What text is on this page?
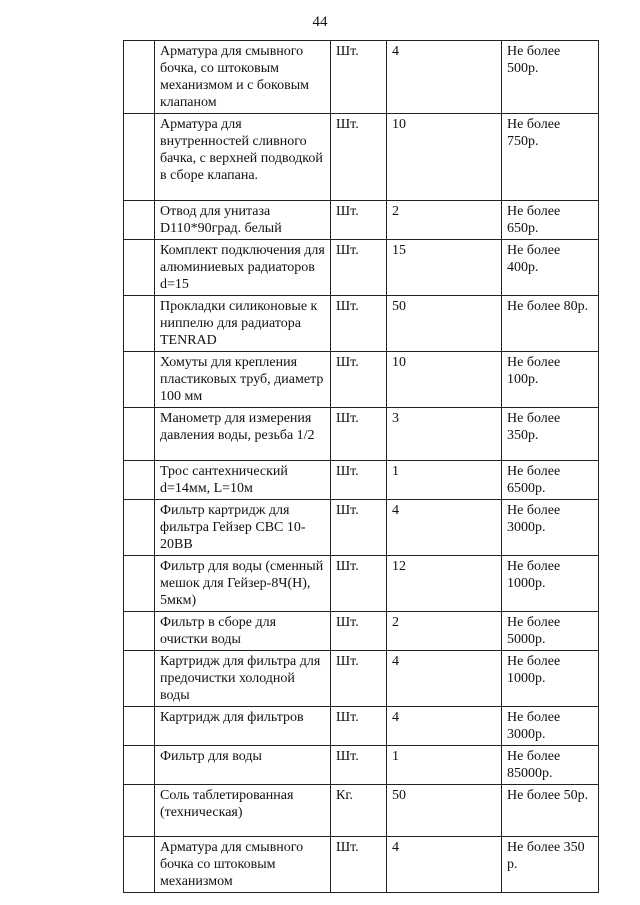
44
	Арматура для смывного бочка, со штоковым механизмом и с боковым клапаном	Шт.	4	Не более 500р.
	Арматура для внутренностей сливного бачка, с верхней подводкой в сборе клапана.	Шт.	10	Не более 750р.
	Отвод для унитаза D110*90град. белый	Шт.	2	Не более 650р.
	Комплект подключения для алюминиевых радиаторов d=15	Шт.	15	Не более 400р.
	Прокладки силиконовые к ниппелю для радиатора TENRAD	Шт.	50	Не более 80р.
	Хомуты для крепления пластиковых труб, диаметр 100 мм	Шт.	10	Не более 100р.
	Манометр для измерения давления воды, резьба 1/2	Шт.	3	Не более 350р.
	Трос сантехнический d=14мм, L=10м	Шт.	1	Не более 6500р.
	Фильтр картридж для фильтра Гейзер CBC 10-20BB	Шт.	4	Не более 3000р.
	Фильтр для воды (сменный мешок для Гейзер-8Ч(Н), 5мкм)	Шт.	12	Не более 1000р.
	Фильтр в сборе для очистки воды	Шт.	2	Не более 5000р.
	Картридж для фильтра для предочистки холодной воды	Шт.	4	Не более 1000р.
	Картридж для фильтров	Шт.	4	Не более 3000р.
	Фильтр для воды	Шт.	1	Не более 85000р.
	Соль таблетированная (техническая)	Кг.	50	Не более 50р.
	Арматура для смывного бочка со штоковым механизмом	Шт.	4	Не более 350 р.
